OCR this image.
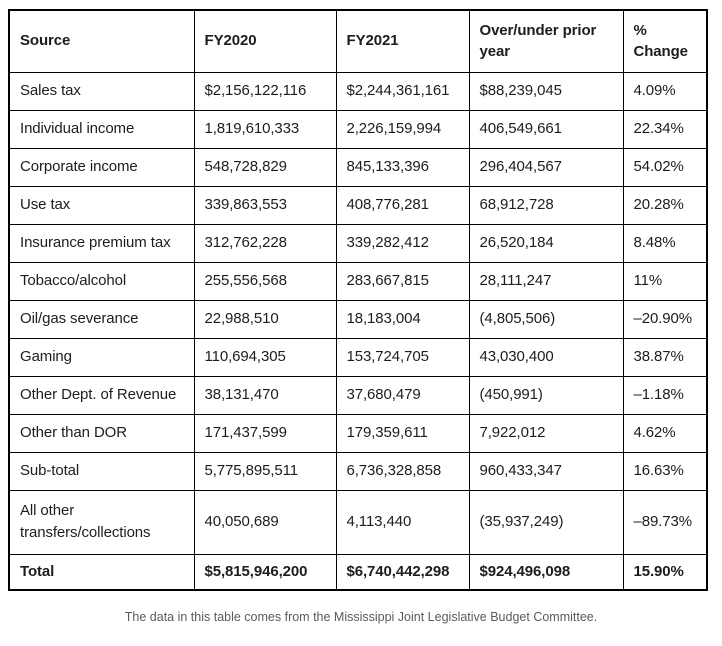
Source	FY2020	FY2021	Over/under prior year	% Change
Sales tax	$2,156,122,116	$2,244,361,161	$88,239,045	4.09%
Individual income	1,819,610,333	2,226,159,994	406,549,661	22.34%
Corporate income	548,728,829	845,133,396	296,404,567	54.02%
Use tax	339,863,553	408,776,281	68,912,728	20.28%
Insurance premium tax	312,762,228	339,282,412	26,520,184	8.48%
Tobacco/alcohol	255,556,568	283,667,815	28,111,247	11%
Oil/gas severance	22,988,510	18,183,004	(4,805,506)	–20.90%
Gaming	110,694,305	153,724,705	43,030,400	38.87%
Other Dept. of Revenue	38,131,470	37,680,479	(450,991)	–1.18%
Other than DOR	171,437,599	179,359,611	7,922,012	4.62%
Sub-total	5,775,895,511	6,736,328,858	960,433,347	16.63%
All other transfers/collections	40,050,689	4,113,440	(35,937,249)	–89.73%
Total	$5,815,946,200	$6,740,442,298	$924,496,098	15.90%
The data in this table comes from the Mississippi Joint Legislative Budget Committee.
